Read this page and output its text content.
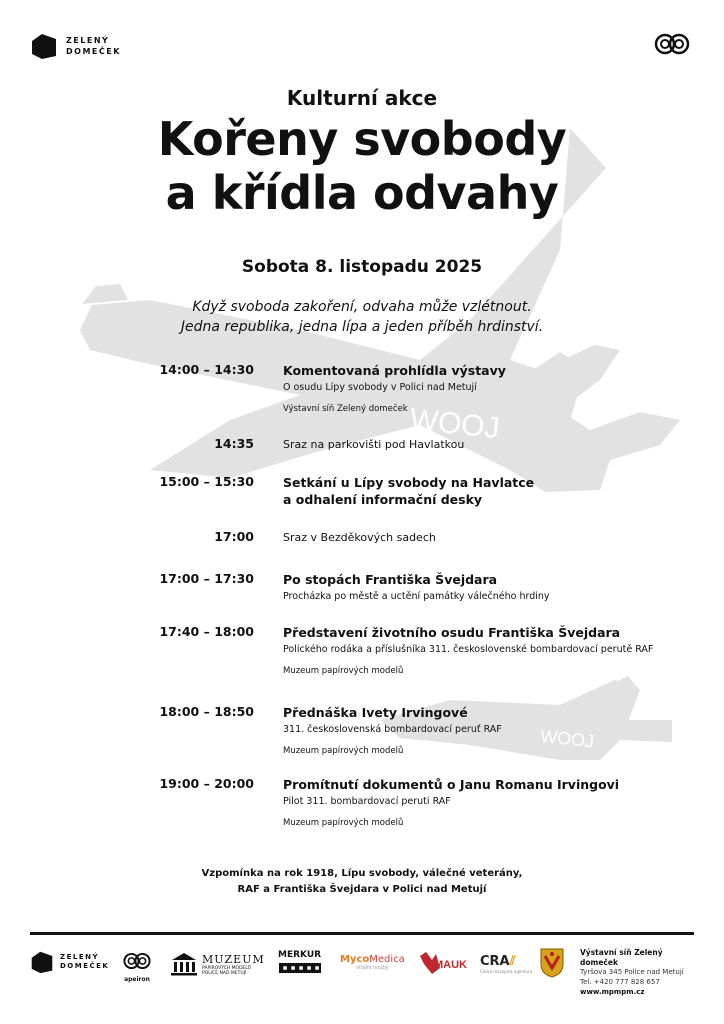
WOOJ
WOOJ
ZELENÝ
DOMEČEK
Kulturní akce
Kořeny svobody
a křídla odvahy
Sobota 8. listopadu 2025
Když svoboda zakoření, odvaha může vzlétnout.
Jedna republika, jedna lípa a jeden příběh hrdinství.
14:00 – 14:30 Komentovaná prohlídla výstavy
O osudu Lípy svobody v Polici nad Metují
Výstavní síň Zelený domeček
14:35	Sraz na parkovišti pod Havlatkou
15:00 – 15:30 Setkání u Lípy svobody na Havlatce
a odhalení informační desky
17:00	Sraz v Bezděkových sadech
17:00 – 17:30 Po stopách Františka Švejdara
Procházka po městě a uctění památky válečného hrdiny
17:40 – 18:00 Představení životního osudu Františka Švejdara
Polického rodáka a příslušníka 311. československé bombardovací perutě RAF
Muzeum papírových modelů
18:00 – 18:50 Přednáška Ivety Irvingové
311. československá bombardovací peruť RAF
Muzeum papírových modelů
19:00 – 20:00 Promítnutí dokumentů o Janu Romanu Irvingovi
Pilot 311. bombardovací peruti RAF
Muzeum papírových modelů
Vzpomínka na rok 1918, Lípu svobody, válečné veterány,
RAF a Františka Švejdara v Polici nad Metují
ZELENÝ
DOMEČEK
apeiron
MUZEUM
PAPÍROVÝCH MODELŮ
POLICE NAD METUJÍ
MERKUR MycoMedica
vitální houby	MAUK CRA⫽
Česká rozvojová agentura
Výstavní síň Zelený domeček
Tyršova 345 Police nad Metují
Tel. +420 777 828 657
www.mpmpm.cz
